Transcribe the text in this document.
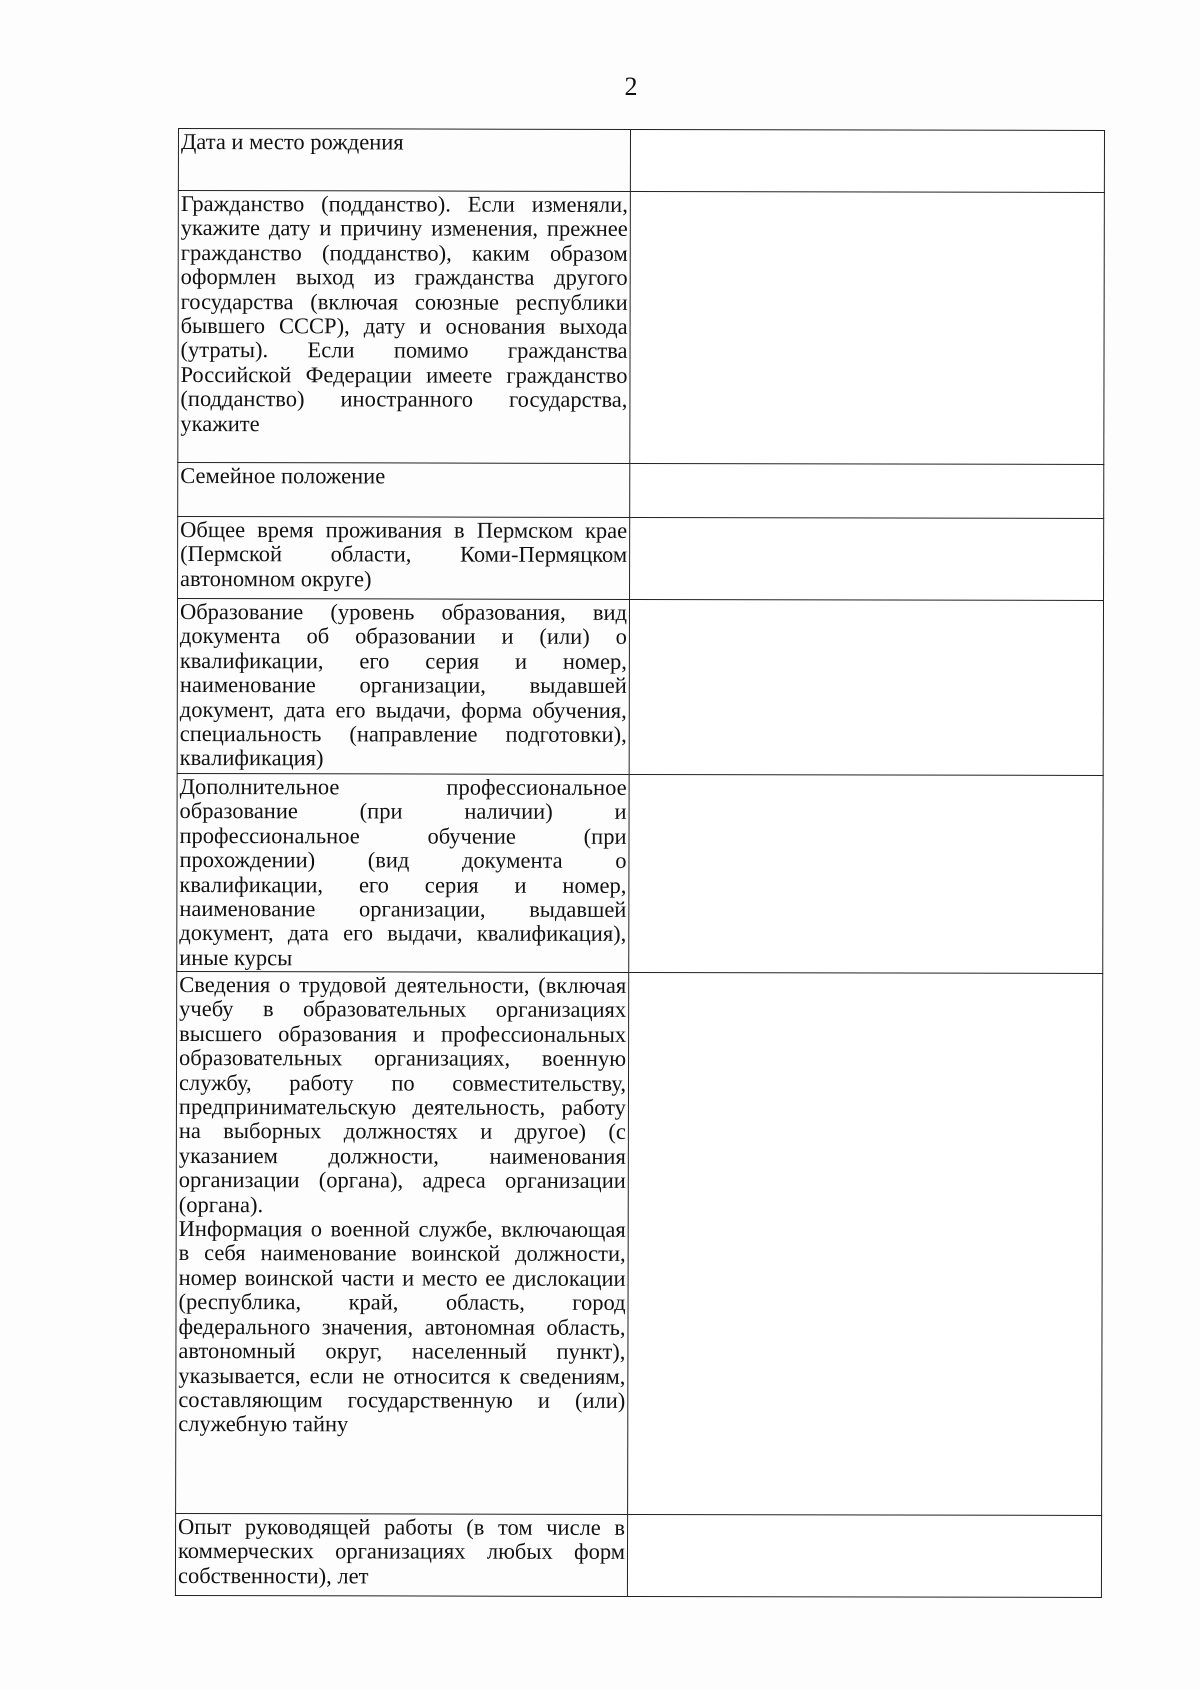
2

Дата и место рождения	

Гражданство (подданство). Если изменяли, укажите дату и причину изменения, прежнее гражданство (подданство), каким образом оформлен выход из гражданства другого государства (включая союзные республики бывшего СССР), дату и основания выхода (утраты). Если помимо гражданства Российской Федерации имеете гражданство (подданство) иностранного государства, укажите	

Семейное положение	

Общее время проживания в Пермском крае (Пермской области, Коми-Пермяцком автономном округе)	

Образование (уровень образования, вид документа об образовании и (или) о квалификации, его серия и номер, наименование организации, выдавшей документ, дата его выдачи, форма обучения, специальность (направление подготовки), квалификация)	

Дополнительное профессиональное образование (при наличии) и профессиональное обучение (при прохождении) (вид документа о квалификации, его серия и номер, наименование организации, выдавшей документ, дата его выдачи, квалификация), иные курсы	

Сведения о трудовой деятельности, (включая учебу в образовательных организациях высшего образования и профессиональных образовательных организациях, военную службу, работу по совместительству, предпринимательскую деятельность, работу на выборных должностях и другое) (с указанием должности, наименования организации (органа), адреса организации (органа).

Информация о военной службе, включающая в себя наименование воинской должности, номер воинской части и место ее дислокации (республика, край, область, город федерального значения, автономная область, автономный округ, населенный пункт), указывается, если не относится к сведениям, составляющим государственную и (или) служебную тайну	

Опыт руководящей работы (в том числе в коммерческих организациях любых форм собственности), лет	
